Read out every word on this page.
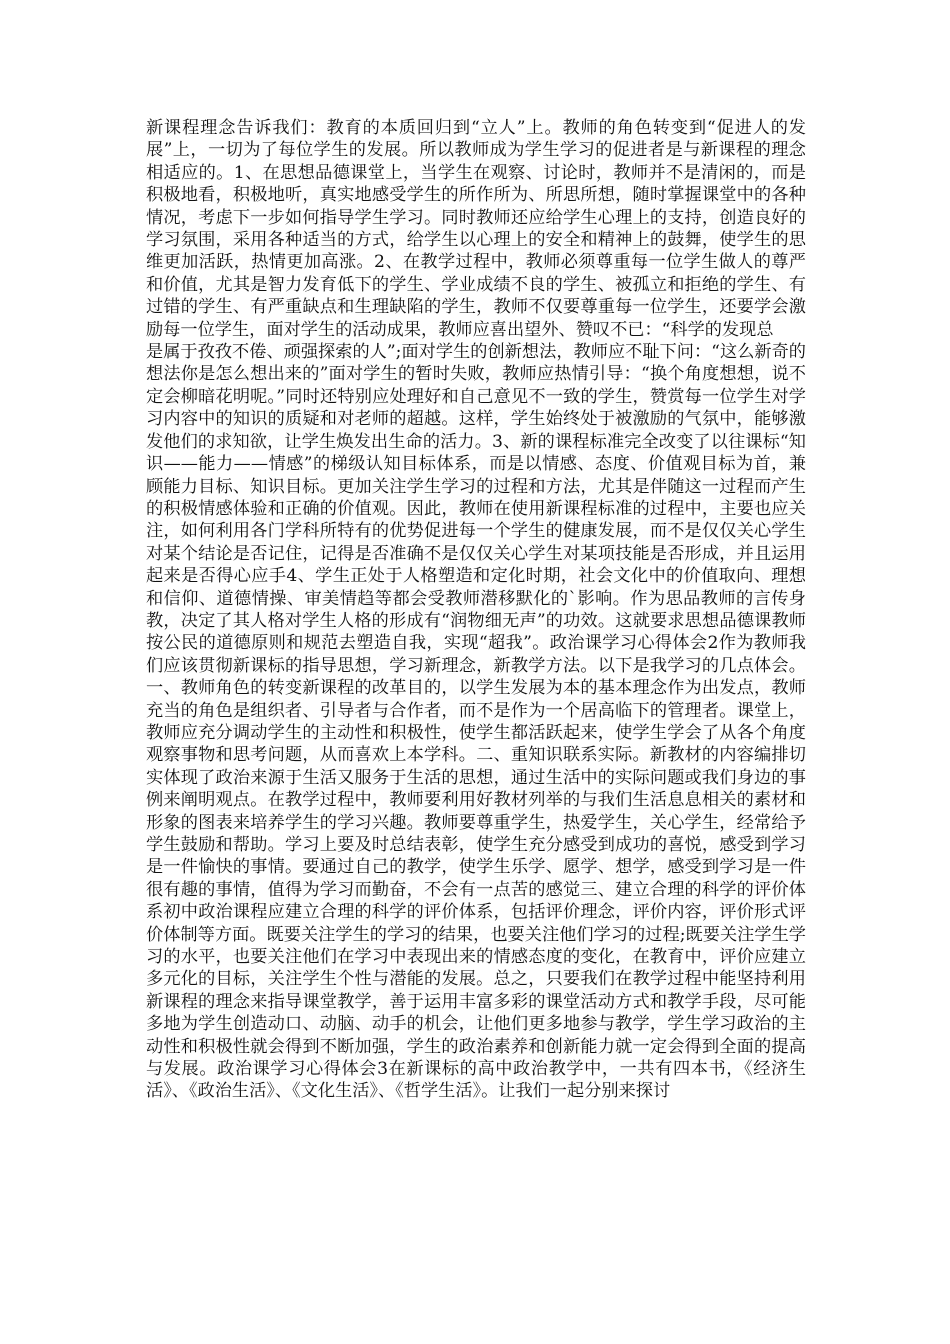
新课程理念告诉我们：教育的本质回归到“立人”上。教师的角色转变到“促进人的发展”上，一切为了每位学生的发展。所以教师成为学生学习的促进者是与新课程的理念相适应的。1、在思想品德课堂上，当学生在观察、讨论时，教师并不是清闲的，而是积极地看，积极地听，真实地感受学生的所作所为、所思所想，随时掌握课堂中的各种情况，考虑下一步如何指导学生学习。同时教师还应给学生心理上的支持，创造良好的学习氛围，采用各种适当的方式，给学生以心理上的安全和精神上的鼓舞，使学生的思维更加活跃，热情更加高涨。2、在教学过程中，教师必须尊重每一位学生做人的尊严和价值，尤其是智力发育低下的学生、学业成绩不良的学生、被孤立和拒绝的学生、有过错的学生、有严重缺点和生理缺陷的学生，教师不仅要尊重每一位学生，还要学会激励每一位学生，面对学生的活动成果，教师应喜出望外、赞叹不已：“科学的发现总

是属于孜孜不倦、顽强探索的人”;面对学生的创新想法，教师应不耻下问：“这么新奇的想法你是怎么想出来的”面对学生的暂时失败，教师应热情引导：“换个角度想想，说不定会柳暗花明呢。”同时还特别应处理好和自己意见不一致的学生，赞赏每一位学生对学习内容中的知识的质疑和对老师的超越。这样，学生始终处于被激励的气氛中，能够激发他们的求知欲，让学生焕发出生命的活力。3、新的课程标准完全改变了以往课标“知识——能力——情感”的梯级认知目标体系，而是以情感、态度、价值观目标为首，兼顾能力目标、知识目标。更加关注学生学习的过程和方法，尤其是伴随这一过程而产生的积极情感体验和正确的价值观。因此，教师在使用新课程标准的过程中，主要也应关注，如何利用各门学科所特有的优势促进每一个学生的健康发展，而不是仅仅关心学生对某个结论是否记住，记得是否准确不是仅仅关心学生对某项技能是否形成，并且运用起来是否得心应手4、学生正处于人格塑造和定化时期，社会文化中的价值取向、理想和信仰、道德情操、审美情趋等都会受教师潜移默化的`影响。作为思品教师的言传身教，决定了其人格对学生人格的形成有“润物细无声”的功效。这就要求思想品德课教师按公民的道德原则和规范去塑造自我，实现“超我”。政治课学习心得体会2作为教师我们应该贯彻新课标的指导思想，学习新理念，新教学方法。以下是我学习的几点体会。一、教师角色的转变新课程的改革目的，以学生发展为本的基本理念作为出发点，教师充当的角色是组织者、引导者与合作者，而不是作为一个居高临下的管理者。课堂上，教师应充分调动学生的主动性和积极性，使学生都活跃起来，使学生学会了从各个角度观察事物和思考问题，从而喜欢上本学科。二、重知识联系实际。新教材的内容编排切实体现了政治来源于生活又服务于生活的思想，通过生活中的实际问题或我们身边的事例来阐明观点。在教学过程中，教师要利用好教材列举的与我们生活息息相关的素材和形象的图表来培养学生的学习兴趣。教师要尊重学生，热爱学生，关心学生，经常给予学生鼓励和帮助。学习上要及时总结表彰，使学生充分感受到成功的喜悦，感受到学习是一件愉快的事情。要通过自己的教学，使学生乐学、愿学、想学，感受到学习是一件很有趣的事情，值得为学习而勤奋，不会有一点苦的感觉三、建立合理的科学的评价体系初中政治课程应建立合理的科学的评价体系，包括评价理念，评价内容，评价形式评价体制等方面。既要关注学生的学习的结果，也要关注他们学习的过程;既要关注学生学习的水平，也要关注他们在学习中表现出来的情感态度的变化，在教育中，评价应建立多元化的目标，关注学生个性与潜能的发展。总之，只要我们在教学过程中能坚持利用新课程的理念来指导课堂教学，善于运用丰富多彩的课堂活动方式和教学手段，尽可能多地为学生创造动口、动脑、动手的机会，让他们更多地参与教学，学生学习政治的主动性和积极性就会得到不断加强，学生的政治素养和创新能力就一定会得到全面的提高与发展。政治课学习心得体会3在新课标的高中政治教学中，一共有四本书，《经济生活》、《政治生活》、《文化生活》、《哲学生活》。让我们一起分别来探讨
